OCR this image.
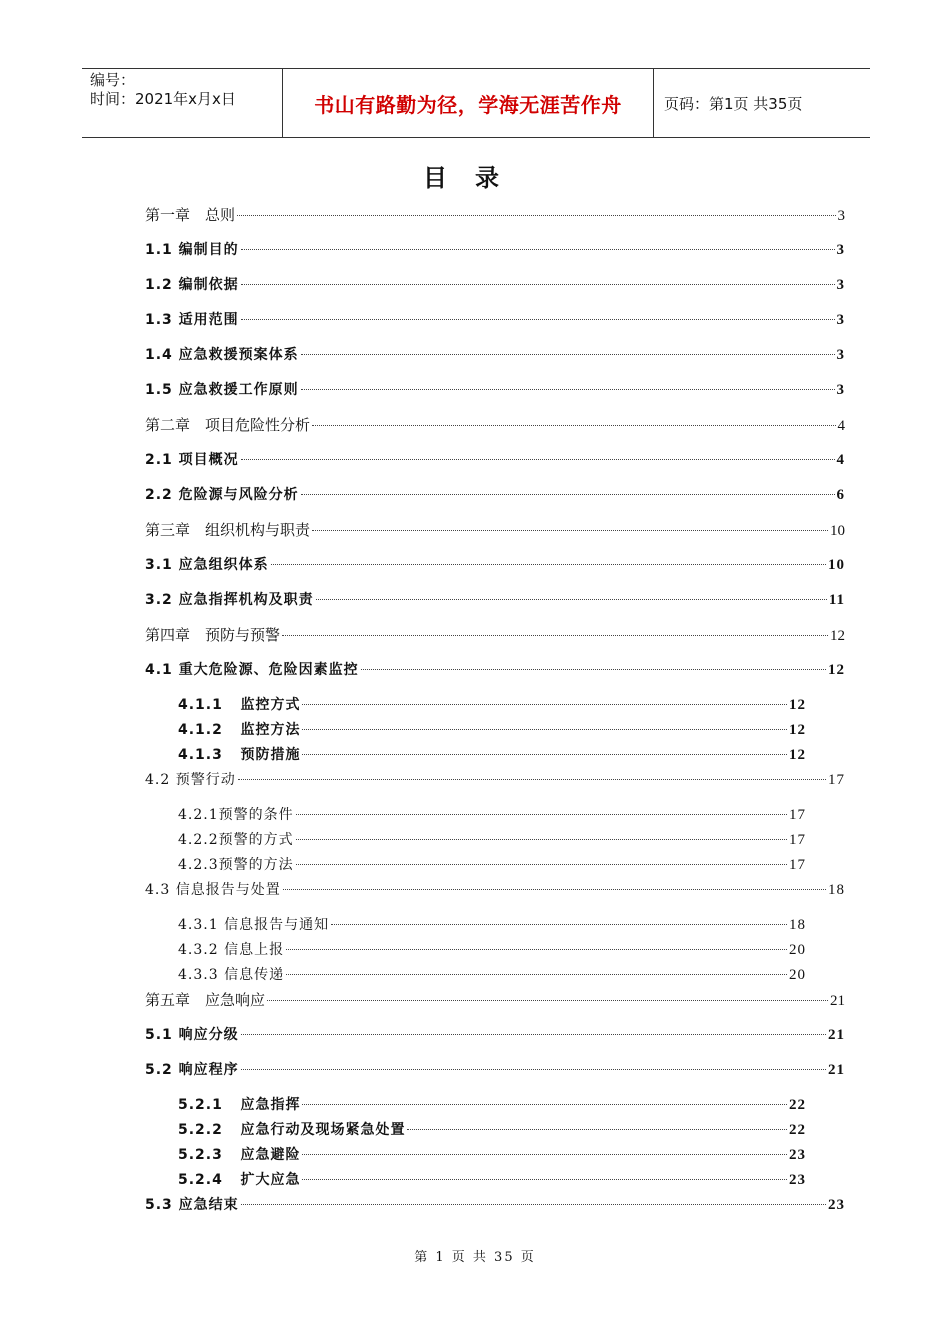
编号：
时间：2021年x月x日	书山有路勤为径，学海无涯苦作舟	页码：第1页 共35页
目录
第一章    总则	3
1.1 编制目的	3
1.2 编制依据	3
1.3 适用范围	3
1.4 应急救援预案体系	3
1.5 应急救援工作原则	3
第二章    项目危险性分析	4
2.1 项目概况	4
2.2 危险源与风险分析	6
第三章    组织机构与职责	10
3.1 应急组织体系	10
3.2 应急指挥机构及职责	11
第四章    预防与预警	12
4.1 重大危险源、危险因素监控	12
4.1.1   监控方式	12
4.1.2   监控方法	12
4.1.3   预防措施	12
4.2 预警行动	17
4.2.1预警的条件	17
4.2.2预警的方式	17
4.2.3预警的方法	17
4.3 信息报告与处置	18
4.3.1 信息报告与通知	18
4.3.2 信息上报	20
4.3.3 信息传递	20
第五章    应急响应	21
5.1 响应分级	21
5.2 响应程序	21
5.2.1   应急指挥	22
5.2.2   应急行动及现场紧急处置	22
5.2.3   应急避险	23
5.2.4   扩大应急	23
5.3 应急结束	23
第 1 页 共 35 页
